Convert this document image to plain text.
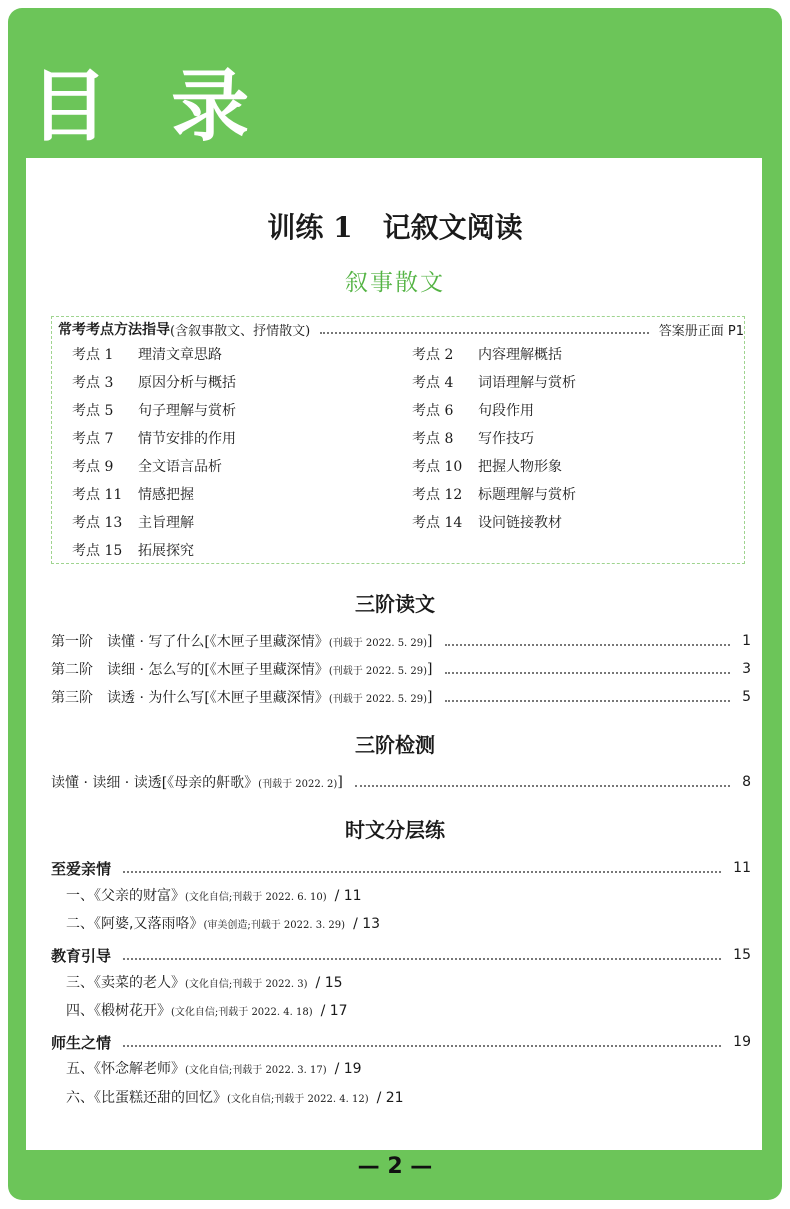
目 录
训练 1 记叙文阅读
叙事散文
常考考点方法指导 (含叙事散文、抒情散文)	答案册正面 P1
考点 1 理清文章思路	考点 2 内容理解概括
考点 3 原因分析与概括	考点 4 词语理解与赏析
考点 5 句子理解与赏析	考点 6 句段作用
考点 7 情节安排的作用	考点 8 写作技巧
考点 9 全文语言品析	考点 10 把握人物形象
考点 11 情感把握	考点 12 标题理解与赏析
考点 13 主旨理解	考点 14 设问链接教材
考点 15 拓展探究
三阶读文
第一阶　读懂 · 写了什么[《木匣子里藏深情》 (刊载于 2022. 5. 29) ]	1
第二阶　读细 · 怎么写的[《木匣子里藏深情》 (刊载于 2022. 5. 29) ]	3
第三阶　读透 · 为什么写[《木匣子里藏深情》 (刊载于 2022. 5. 29) ]	5
三阶检测
读懂 · 读细 · 读透[《母亲的鼾歌》 (刊载于 2022. 2) ]	8
时文分层练
至爱亲情	11
一、《父亲的财富》(文化自信;刊载于 2022. 6. 10) / 11
二、《阿婆,又落雨咯》(审美创造;刊载于 2022. 3. 29) / 13
教育引导	15
三、《卖菜的老人》(文化自信;刊载于 2022. 3) / 15
四、《椴树花开》(文化自信;刊载于 2022. 4. 18) / 17
师生之情	19
五、《怀念解老师》(文化自信;刊载于 2022. 3. 17) / 19
六、《比蛋糕还甜的回忆》(文化自信;刊载于 2022. 4. 12) / 21
— 2 —
